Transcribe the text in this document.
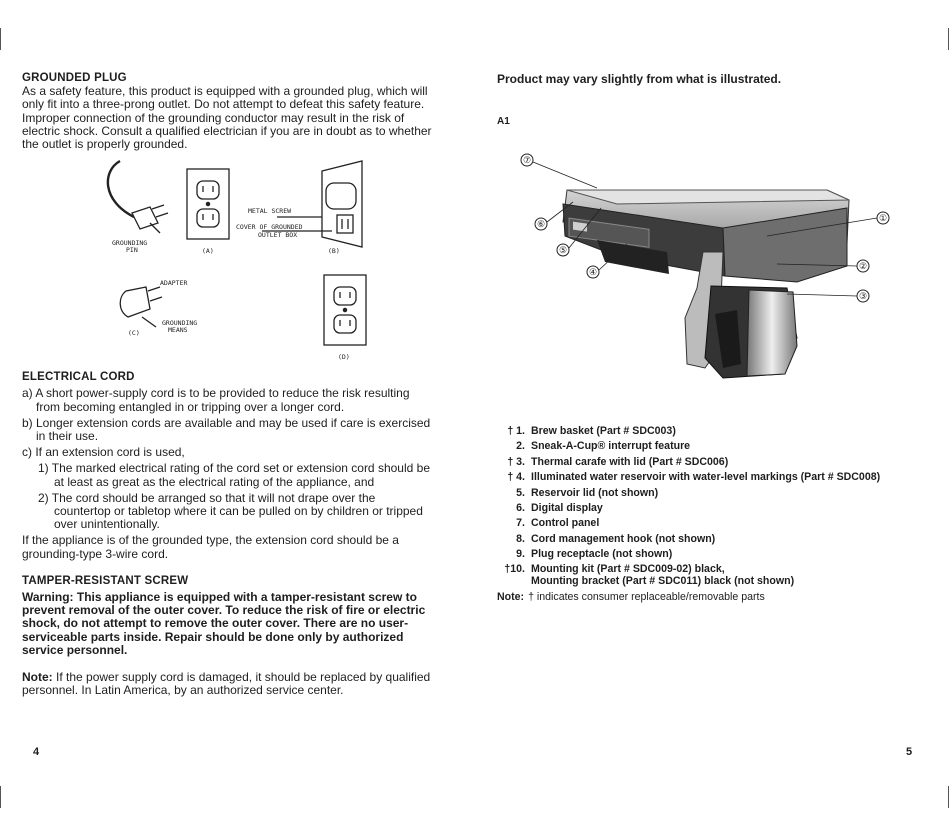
GROUNDED PLUG

As a safety feature, this product is equipped with a grounded plug, which will only fit into a three-prong outlet. Do not attempt to defeat this safety feature. Improper connection of the grounding conductor may result in the risk of electric shock. Consult a qualified electrician if you are in doubt as to whether the outlet is properly grounded.

GROUNDING
PIN	(A)
METAL SCREW
COVER OF GROUNDED
OUTLET BOX
(B)
ADAPTER
GROUNDING
MEANS
(C)
(D)
ELECTRICAL CORD

a) A short power-supply cord is to be provided to reduce the risk resulting from becoming entangled in or tripping over a longer cord.

b) Longer extension cords are available and may be used if care is exercised in their use.

c) If an extension cord is used,

1) The marked electrical rating of the cord set or extension cord should be at least as great as the electrical rating of the appliance, and

2) The cord should be arranged so that it will not drape over the countertop or tabletop where it can be pulled on by children or tripped over unintentionally.

If the appliance is of the grounded type, the extension cord should be a grounding-type 3-wire cord.

TAMPER-RESISTANT SCREW

Warning: This appliance is equipped with a tamper-resistant screw to prevent removal of the outer cover. To reduce the risk of fire or electric shock, do not attempt to remove the outer cover. There are no user-serviceable parts inside. Repair should be done only by authorized service personnel.

Note: If the power supply cord is damaged, it should be replaced by qualified personnel. In Latin America, by an authorized service center.

4
Product may vary slightly from what is illustrated.
A1
⑦
⑥
⑤
④
①
②
③
† 1. Brew basket (Part # SDC003)
2. Sneak-A-Cup® interrupt feature
† 3. Thermal carafe with lid (Part # SDC006)
† 4. Illuminated water reservoir with water-level markings (Part # SDC008)
5. Reservoir lid (not shown)
6. Digital display
7. Control panel
8. Cord management hook (not shown)
9. Plug receptacle (not shown)
†10. Mounting kit (Part # SDC009-02) black,
Mounting bracket (Part # SDC011) black (not shown)
Note: † indicates consumer replaceable/removable parts
5
